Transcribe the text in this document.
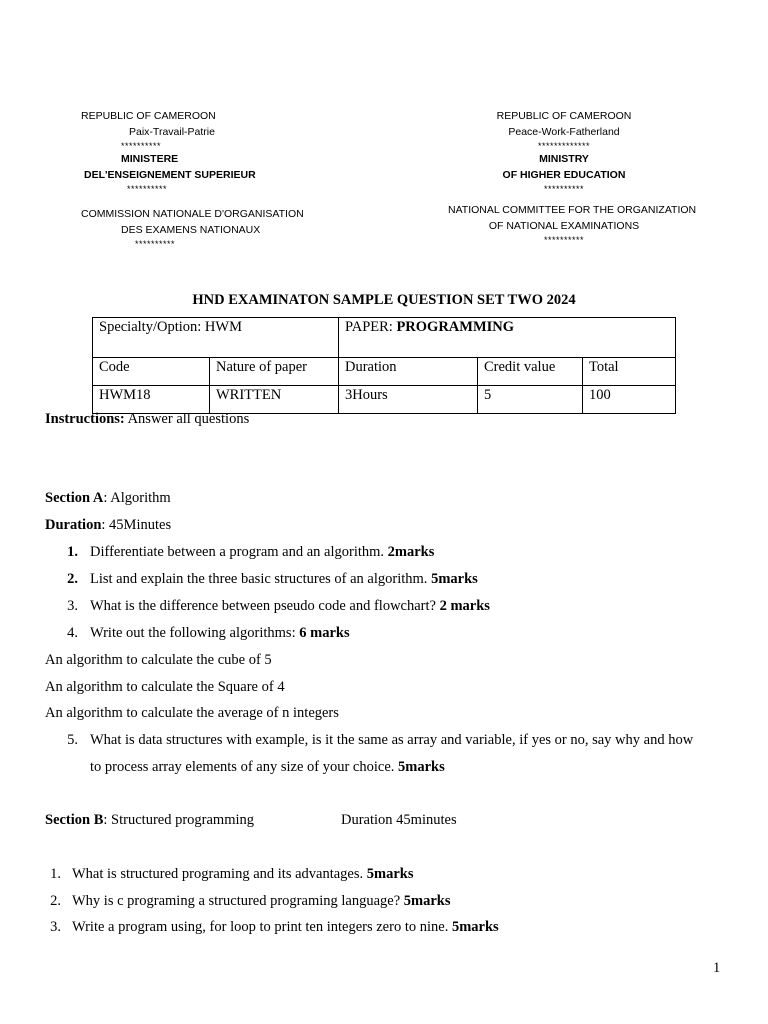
REPUBLIC OF CAMEROON
Paix-Travail-Patrie
**********
MINISTERE
DEL'ENSEIGNEMENT SUPERIEUR
**********
COMMISSION NATIONALE D'ORGANISATION
DES EXAMENS NATIONAUX
**********
REPUBLIC OF CAMEROON
Peace-Work-Fatherland
*************
MINISTRY
OF HIGHER EDUCATION
**********
NATIONAL COMMITTEE FOR THE ORGANIZATION
OF NATIONAL EXAMINATIONS
**********
HND EXAMINATON SAMPLE QUESTION SET TWO 2024
Specialty/Option: HWM		PAPER: PROGRAMMING		
Code	Nature of paper	Duration	Credit value	Total
HWM18	WRITTEN	3Hours	5	100
Instructions: Answer all questions
Section A: Algorithm
Duration: 45Minutes
1. Differentiate between a program and an algorithm. 2marks
2. List and explain the three basic structures of an algorithm. 5marks
3. What is the difference between pseudo code and flowchart? 2 marks
4. Write out the following algorithms: 6 marks
An algorithm to calculate the cube of 5
An algorithm to calculate the Square of 4
An algorithm to calculate the average of n integers
5. What is data structures with example, is it the same as array and variable, if yes or no, say why and how
to process array elements of any size of your choice. 5marks
Section B: Structured programming	Duration 45minutes
1. What is structured programing and its advantages. 5marks
2. Why is c programing a structured programing language? 5marks
3. Write a program using, for loop to print ten integers zero to nine. 5marks
1
